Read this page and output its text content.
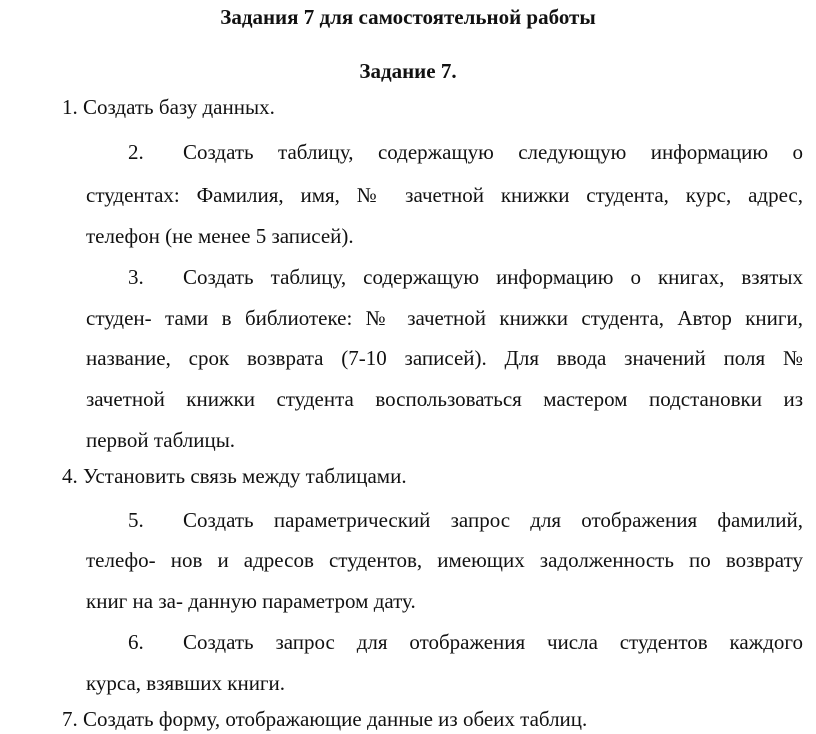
Задания 7 для самостоятельной работы
Задание 7.
1. Создать базу данных.
2. Создать таблицу, содержащую следующую информацию о
студентах: Фамилия, имя, № зачетной книжки студента, курс, адрес,
телефон (не менее 5 записей).
3. Создать таблицу, содержащую информацию о книгах, взятых
студен- тами в библиотеке: № зачетной книжки студента, Автор книги,
название, срок возврата (7-10 записей). Для ввода значений поля №
зачетной книжки студента воспользоваться мастером подстановки из
первой таблицы.
4. Установить связь между таблицами.
5. Создать параметрический запрос для отображения фамилий,
телефо- нов и адресов студентов, имеющих задолженность по возврату
книг на за- данную параметром дату.
6. Создать запрос для отображения числа студентов каждого
курса, взявших книги.
7. Создать форму, отображающие данные из обеих таблиц.
